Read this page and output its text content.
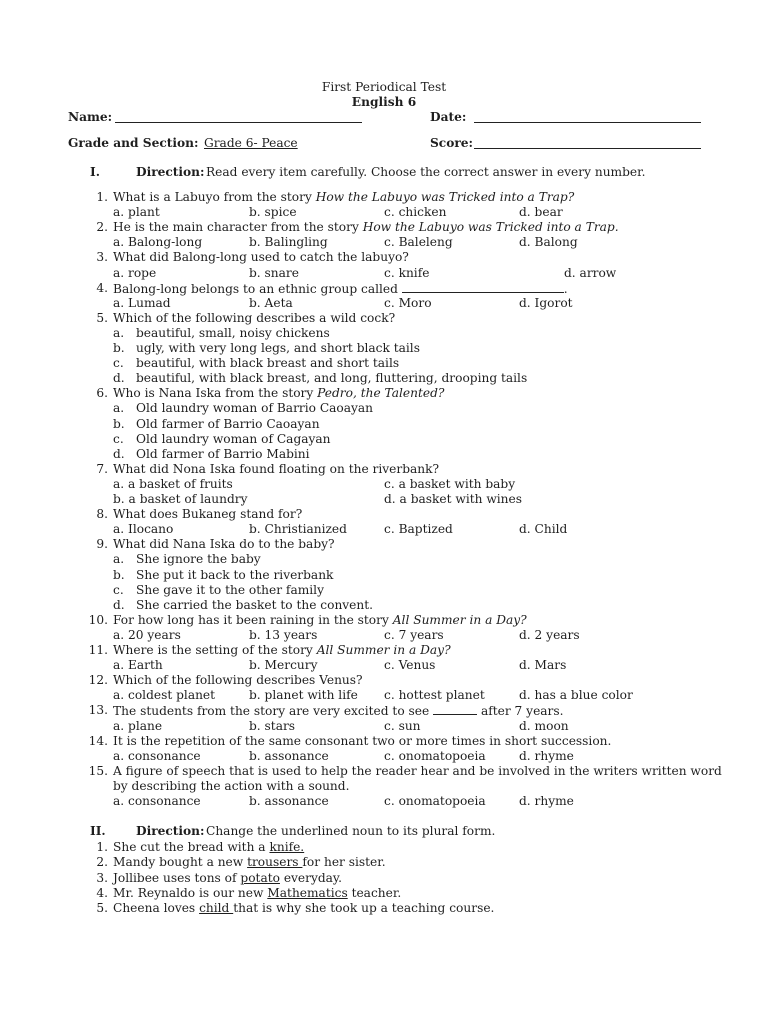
First Periodical Test
English 6
Name:	Date:
Grade and Section: Grade 6- Peace	Score:
I.	Direction: Read every item carefully. Choose the correct answer in every number.
1. What is a Labuyo from the story How the Labuyo was Tricked into a Trap?
a. plant	b. spice	c. chicken	d. bear
2. He is the main character from the story How the Labuyo was Tricked into a Trap.
a. Balong-long	b. Balingling	c. Baleleng	d. Balong
3. What did Balong-long used to catch the labuyo?
a. rope	b. snare	c. knife	d. arrow
4. Balong-long belongs to an ethnic group called	.
a. Lumad	b. Aeta	c. Moro	d. Igorot
5. Which of the following describes a wild cock?
a. beautiful, small, noisy chickens
b. ugly, with very long legs, and short black tails
c. beautiful, with black breast and short tails
d. beautiful, with black breast, and long, fluttering, drooping tails
6. Who is Nana Iska from the story Pedro, the Talented?
a. Old laundry woman of Barrio Caoayan
b. Old farmer of Barrio Caoayan
c. Old laundry woman of Cagayan
d. Old farmer of Barrio Mabini
7. What did Nona Iska found floating on the riverbank?
a. a basket of fruits	c. a basket with baby
b. a basket of laundry	d. a basket with wines
8. What does Bukaneg stand for?
a. Ilocano	b. Christianized	c. Baptized	d. Child
9. What did Nana Iska do to the baby?
a. She ignore the baby
b. She put it back to the riverbank
c. She gave it to the other family
d. She carried the basket to the convent.
10. For how long has it been raining in the story All Summer in a Day?
a. 20 years	b. 13 years	c. 7 years	d. 2 years
11. Where is the setting of the story All Summer in a Day?
a. Earth	b. Mercury	c. Venus	d. Mars
12. Which of the following describes Venus?
a. coldest planet	b. planet with life c. hottest planet	d. has a blue color
13. The students from the story are very excited to see	after 7 years.
a. plane	b. stars	c. sun	d. moon
14. It is the repetition of the same consonant two or more times in short succession.
a. consonance	b. assonance	c. onomatopoeia	d. rhyme
15. A figure of speech that is used to help the reader hear and be involved in the writers written word
by describing the action with a sound.
a. consonance	b. assonance	c. onomatopoeia	d. rhyme
II. Direction: Change the underlined noun to its plural form.
1. She cut the bread with a knife.
2. Mandy bought a new trousers for her sister.
3. Jollibee uses tons of potato everyday.
4. Mr. Reynaldo is our new Mathematics teacher.
5. Cheena loves child that is why she took up a teaching course.
